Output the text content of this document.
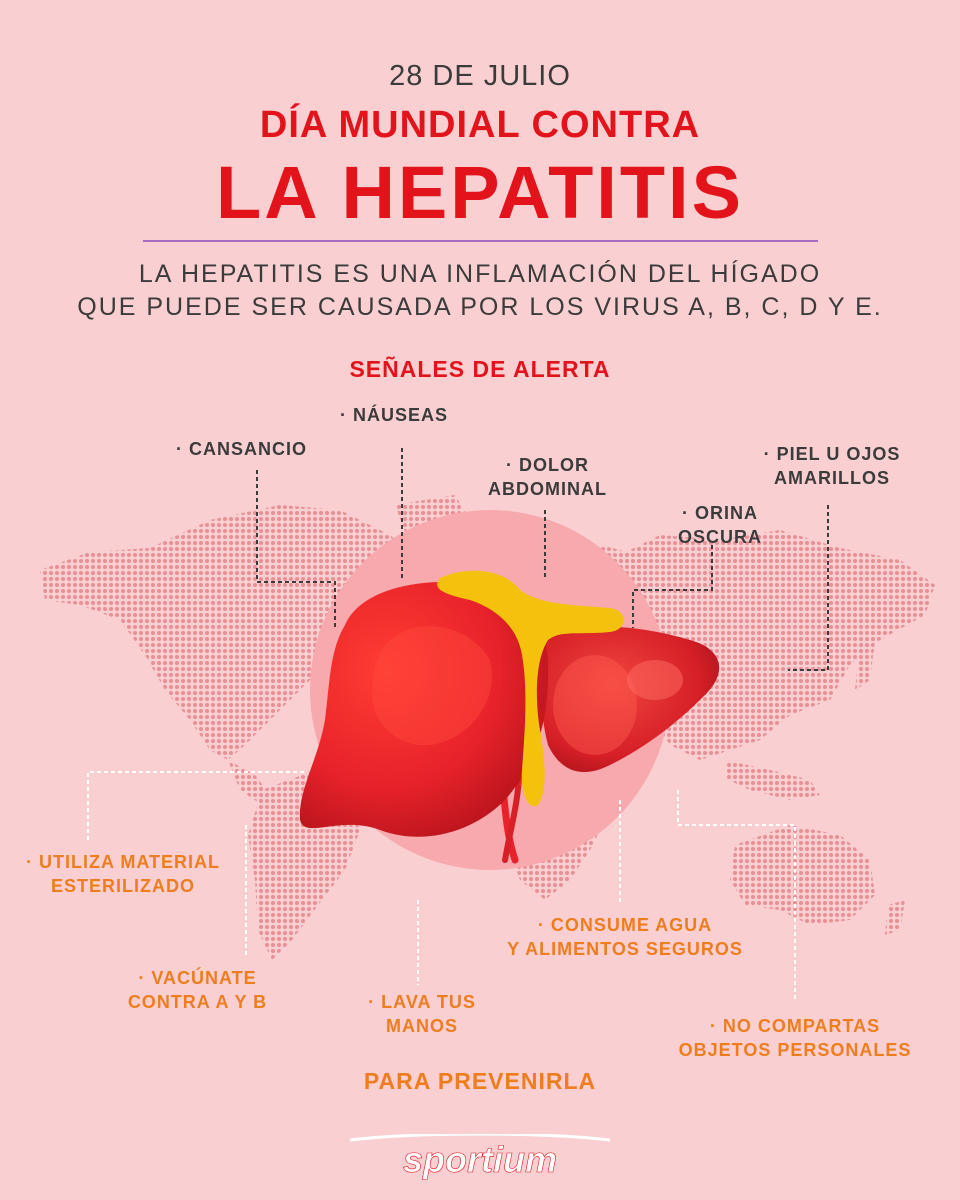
28 DE JULIO
DÍA MUNDIAL CONTRA
LA HEPATITIS
LA HEPATITIS ES UNA INFLAMACIÓN DEL HÍGADO
QUE PUEDE SER CAUSADA POR LOS VIRUS A, B, C, D Y E.
SEÑALES DE ALERTA
· CANSANCIO
· NÁUSEAS
· DOLOR
ABDOMINAL
· ORINA
OSCURA
· PIEL U OJOS
AMARILLOS
· UTILIZA MATERIAL
ESTERILIZADO
· VACÚNATE
CONTRA A Y B	· LAVA TUS
MANOS
· CONSUME AGUA
Y ALIMENTOS SEGUROS
· NO COMPARTAS
OBJETOS PERSONALES
PARA PREVENIRLA
sportium
